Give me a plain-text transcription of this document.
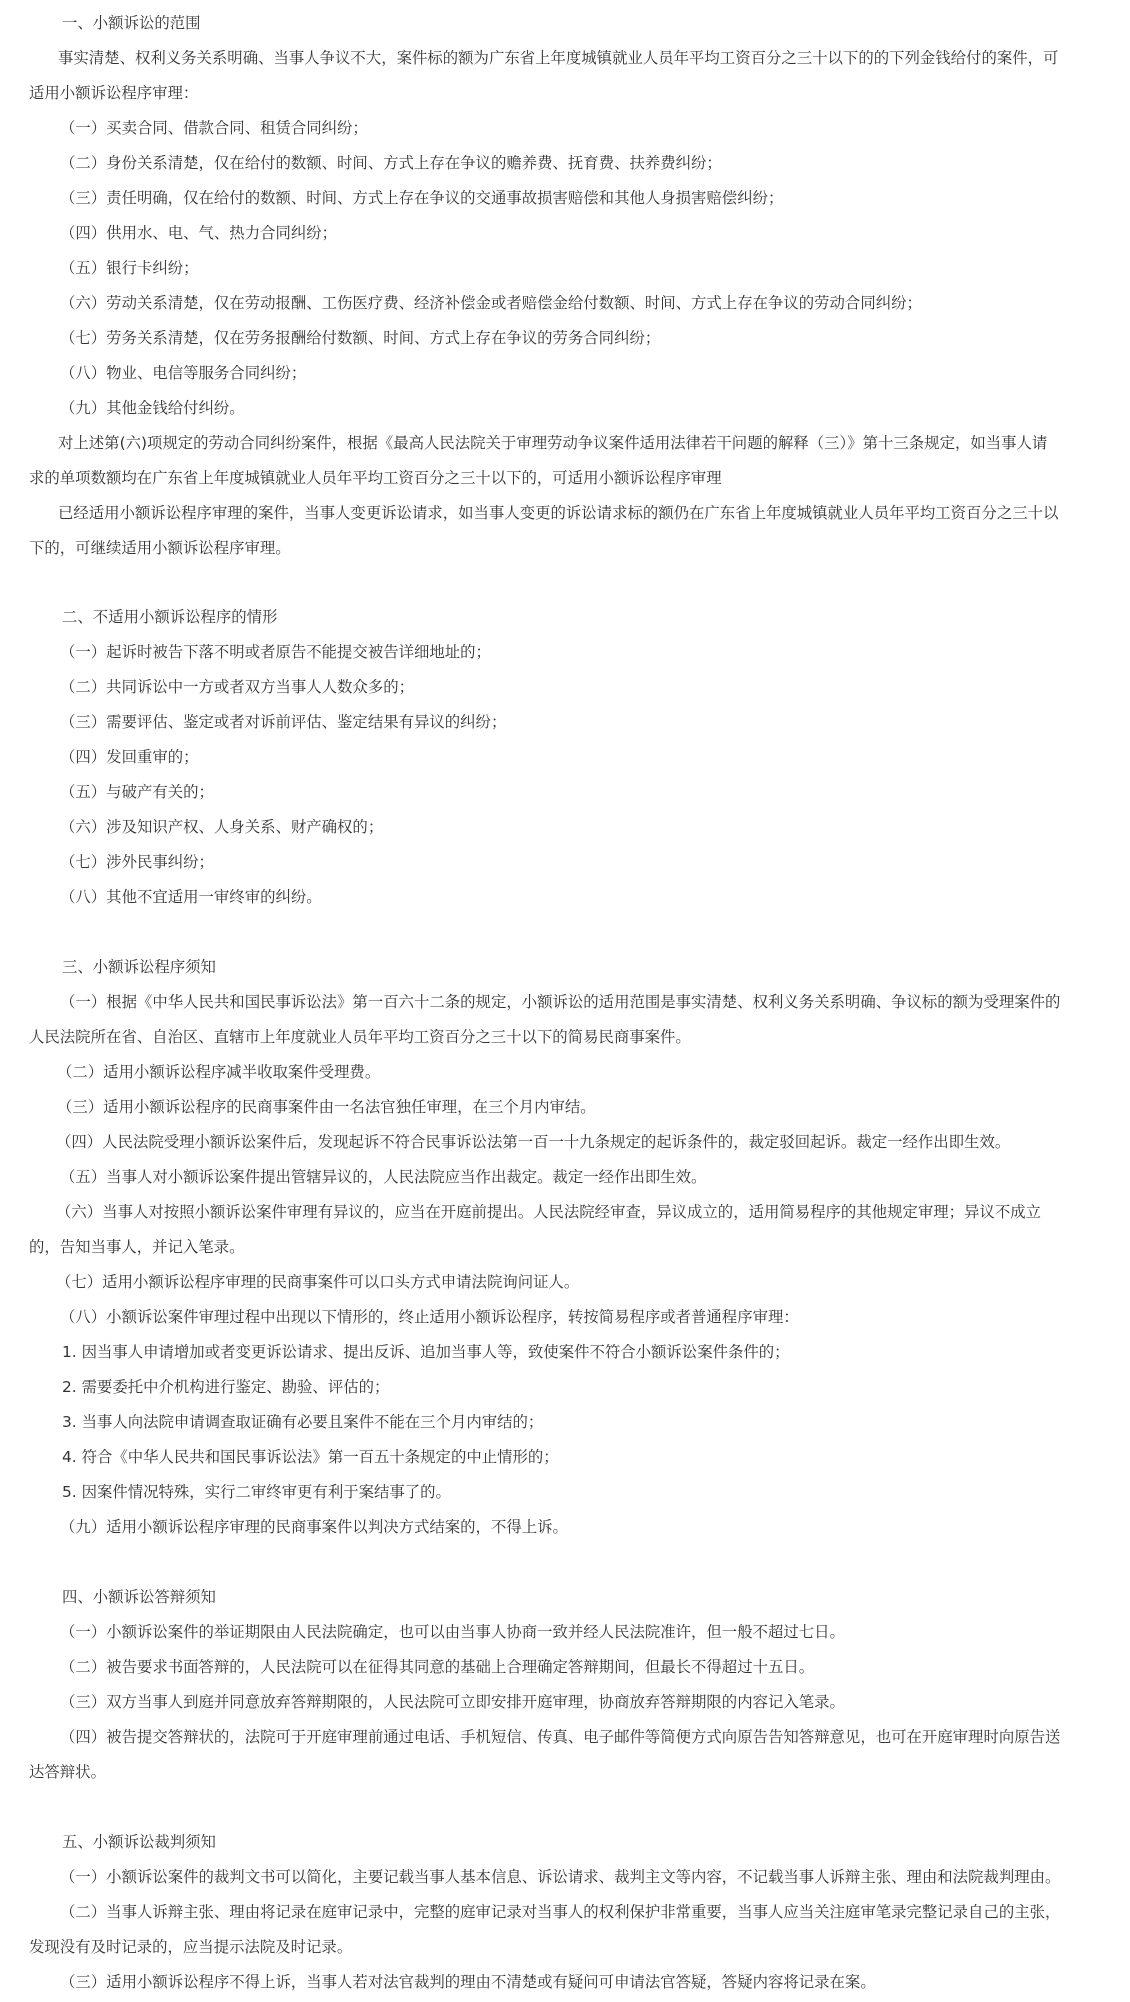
一、小额诉讼的范围

事实清楚、权利义务关系明确、当事人争议不大，案件标的额为广东省上年度城镇就业人员年平均工资百分之三十以下的的下列金钱给付的案件，可

适用小额诉讼程序审理：

（一）买卖合同、借款合同、租赁合同纠纷；

（二）身份关系清楚，仅在给付的数额、时间、方式上存在争议的赡养费、抚育费、扶养费纠纷；

（三）责任明确，仅在给付的数额、时间、方式上存在争议的交通事故损害赔偿和其他人身损害赔偿纠纷；

（四）供用水、电、气、热力合同纠纷；

（五）银行卡纠纷；

（六）劳动关系清楚，仅在劳动报酬、工伤医疗费、经济补偿金或者赔偿金给付数额、时间、方式上存在争议的劳动合同纠纷；

（七）劳务关系清楚，仅在劳务报酬给付数额、时间、方式上存在争议的劳务合同纠纷；

（八）物业、电信等服务合同纠纷；

（九）其他金钱给付纠纷。

对上述第(六)项规定的劳动合同纠纷案件，根据《最高人民法院关于审理劳动争议案件适用法律若干问题的解释（三）》第十三条规定，如当事人请

求的单项数额均在广东省上年度城镇就业人员年平均工资百分之三十以下的，可适用小额诉讼程序审理

已经适用小额诉讼程序审理的案件，当事人变更诉讼请求，如当事人变更的诉讼请求标的额仍在广东省上年度城镇就业人员年平均工资百分之三十以

下的，可继续适用小额诉讼程序审理。

二、不适用小额诉讼程序的情形

（一）起诉时被告下落不明或者原告不能提交被告详细地址的；

（二）共同诉讼中一方或者双方当事人人数众多的；

（三）需要评估、鉴定或者对诉前评估、鉴定结果有异议的纠纷；

（四）发回重审的；

（五）与破产有关的；

（六）涉及知识产权、人身关系、财产确权的；

（七）涉外民事纠纷；

（八）其他不宜适用一审终审的纠纷。

三、小额诉讼程序须知

（一）根据《中华人民共和国民事诉讼法》第一百六十二条的规定，小额诉讼的适用范围是事实清楚、权利义务关系明确、争议标的额为受理案件的

人民法院所在省、自治区、直辖市上年度就业人员年平均工资百分之三十以下的简易民商事案件。

（二）适用小额诉讼程序减半收取案件受理费。

（三）适用小额诉讼程序的民商事案件由一名法官独任审理，在三个月内审结。

（四）人民法院受理小额诉讼案件后，发现起诉不符合民事诉讼法第一百一十九条规定的起诉条件的，裁定驳回起诉。裁定一经作出即生效。

（五）当事人对小额诉讼案件提出管辖异议的，人民法院应当作出裁定。裁定一经作出即生效。

（六）当事人对按照小额诉讼案件审理有异议的，应当在开庭前提出。人民法院经审查，异议成立的，适用简易程序的其他规定审理；异议不成立

的，告知当事人，并记入笔录。

（七）适用小额诉讼程序审理的民商事案件可以口头方式申请法院询问证人。

（八）小额诉讼案件审理过程中出现以下情形的，终止适用小额诉讼程序，转按简易程序或者普通程序审理：

1. 因当事人申请增加或者变更诉讼请求、提出反诉、追加当事人等，致使案件不符合小额诉讼案件条件的；

2. 需要委托中介机构进行鉴定、勘验、评估的；

3. 当事人向法院申请调查取证确有必要且案件不能在三个月内审结的；

4. 符合《中华人民共和国民事诉讼法》第一百五十条规定的中止情形的；

5. 因案件情况特殊，实行二审终审更有利于案结事了的。

（九）适用小额诉讼程序审理的民商事案件以判决方式结案的，不得上诉。

四、小额诉讼答辩须知

（一）小额诉讼案件的举证期限由人民法院确定，也可以由当事人协商一致并经人民法院准许，但一般不超过七日。

（二）被告要求书面答辩的，人民法院可以在征得其同意的基础上合理确定答辩期间，但最长不得超过十五日。

（三）双方当事人到庭并同意放弃答辩期限的，人民法院可立即安排开庭审理，协商放弃答辩期限的内容记入笔录。

（四）被告提交答辩状的，法院可于开庭审理前通过电话、手机短信、传真、电子邮件等简便方式向原告告知答辩意见，也可在开庭审理时向原告送

达答辩状。

五、小额诉讼裁判须知

（一）小额诉讼案件的裁判文书可以简化，主要记载当事人基本信息、诉讼请求、裁判主文等内容，不记载当事人诉辩主张、理由和法院裁判理由。

（二）当事人诉辩主张、理由将记录在庭审记录中，完整的庭审记录对当事人的权利保护非常重要，当事人应当关注庭审笔录完整记录自己的主张，

发现没有及时记录的，应当提示法院及时记录。

（三）适用小额诉讼程序不得上诉，当事人若对法官裁判的理由不清楚或有疑问可申请法官答疑，答疑内容将记录在案。
